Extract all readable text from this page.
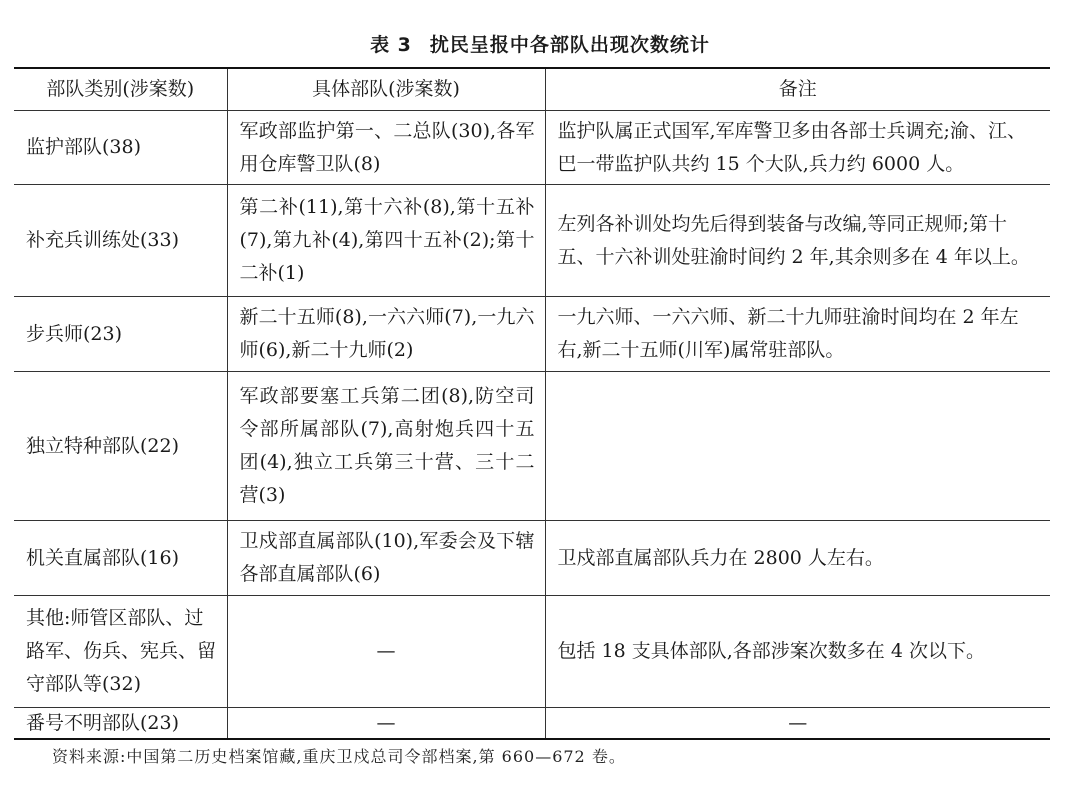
表 3 扰民呈报中各部队出现次数统计
部队类别(涉案数)	具体部队(涉案数)	备注
监护部队(38)	军政部监护第一、二总队(30),各军用仓库警卫队(8)	监护队属正式国军,军库警卫多由各部士兵调充;渝、江、巴一带监护队共约 15 个大队,兵力约 6000 人。
补充兵训练处(33)	第二补(11),第十六补(8),第十五补(7),第九补(4),第四十五补(2);第十二补(1)	左列各补训处均先后得到装备与改编,等同正规师;第十五、十六补训处驻渝时间约 2 年,其余则多在 4 年以上。
步兵师(23)	新二十五师(8),一六六师(7),一九六师(6),新二十九师(2)	一九六师、一六六师、新二十九师驻渝时间均在 2 年左右,新二十五师(川军)属常驻部队。
独立特种部队(22)	军政部要塞工兵第二团(8),防空司令部所属部队(7),高射炮兵四十五团(4),独立工兵第三十营、三十二营(3)	
机关直属部队(16)	卫戍部直属部队(10),军委会及下辖各部直属部队(6)	卫戍部直属部队兵力在 2800 人左右。
其他:师管区部队、过路军、伤兵、宪兵、留守部队等(32)	—	包括 18 支具体部队,各部涉案次数多在 4 次以下。
番号不明部队(23)	—	—
资料来源:中国第二历史档案馆藏,重庆卫戍总司令部档案,第 660—672 卷。
